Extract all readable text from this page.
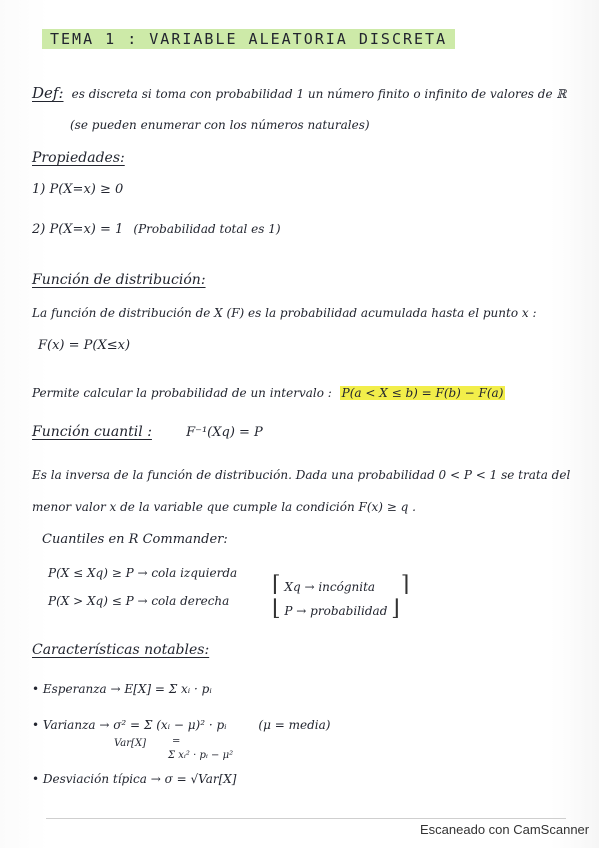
TEMA 1 : VARIABLE ALEATORIA DISCRETA
Def: es discreta si toma con probabilidad 1 un número finito o infinito de valores de ℝ
(se pueden enumerar con los números naturales)
Propiedades:
1) P(X=x) ≥ 0
2) P(X=x) = 1 (Probabilidad total es 1)
Función de distribución:
La función de distribución de X (F) es la probabilidad acumulada hasta el punto x :
F(x) = P(X≤x)
Permite calcular la probabilidad de un intervalo : P(a < X ≤ b) = F(b) − F(a)
Función cuantil :	F⁻¹(Xq) = P
Es la inversa de la función de distribución. Dada una probabilidad 0 < P < 1 se trata del
menor valor x de la variable que cumple la condición F(x) ≥ q .
Cuantiles en R Commander:
P(X ≤ Xq) ≥ P → cola izquierda
P(X > Xq) ≤ P → cola derecha
⌈ Xq → incógnita ⌉
⌊ P → probabilidad ⌋
Características notables:
• Esperanza → E[X] = Σ xᵢ · pᵢ
• Varianza → σ² = Σ (xᵢ − μ)² · pᵢ	(μ = media)
Var[X]	=
Σ xᵢ² · pᵢ − μ²
• Desviación típica → σ = √Var[X]
Escaneado con CamScanner
